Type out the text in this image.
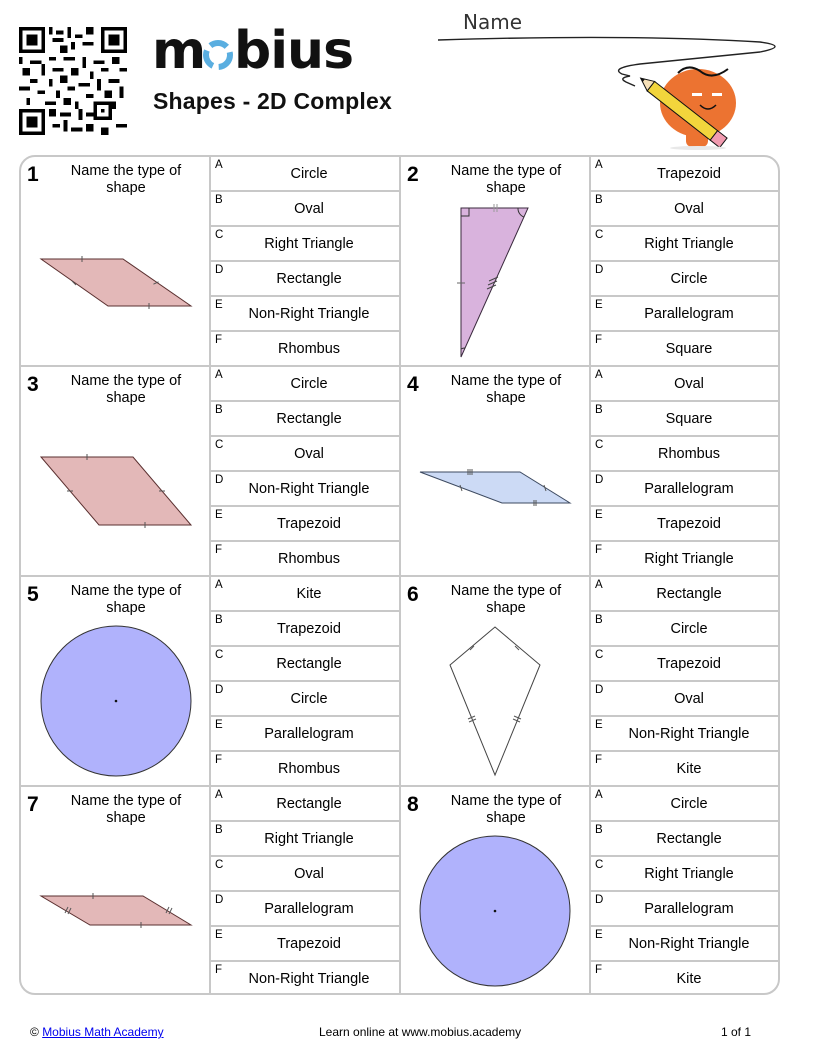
m bius
Shapes - 2D Complex
Name
1	Name the type of shape
A
Circle
B
Oval
C
Right Triangle
D
Rectangle
E
Non-Right Triangle
F
Rhombus
2	Name the type of shape
A
Trapezoid
B
Oval
C
Right Triangle
D
Circle
E
Parallelogram
F
Square
3	Name the type of shape
A
Circle
B
Rectangle
C
Oval
D
Non-Right Triangle
E
Trapezoid
F
Rhombus
4	Name the type of shape
A
Oval
B
Square
C
Rhombus
D
Parallelogram
E
Trapezoid
F
Right Triangle
5	Name the type of shape
A
Kite
B
Trapezoid
C
Rectangle
D
Circle
E
Parallelogram
F
Rhombus
6	Name the type of shape
A
Rectangle
B
Circle
C
Trapezoid
D
Oval
E
Non-Right Triangle
F
Kite
7	Name the type of shape
A
Rectangle
B
Right Triangle
C
Oval
D
Parallelogram
E
Trapezoid
F
Non-Right Triangle
8	Name the type of shape
A
Circle
B
Rectangle
C
Right Triangle
D
Parallelogram
E
Non-Right Triangle
F
Kite
© Mobius Math Academy	Learn online at www.mobius.academy	1 of 1
